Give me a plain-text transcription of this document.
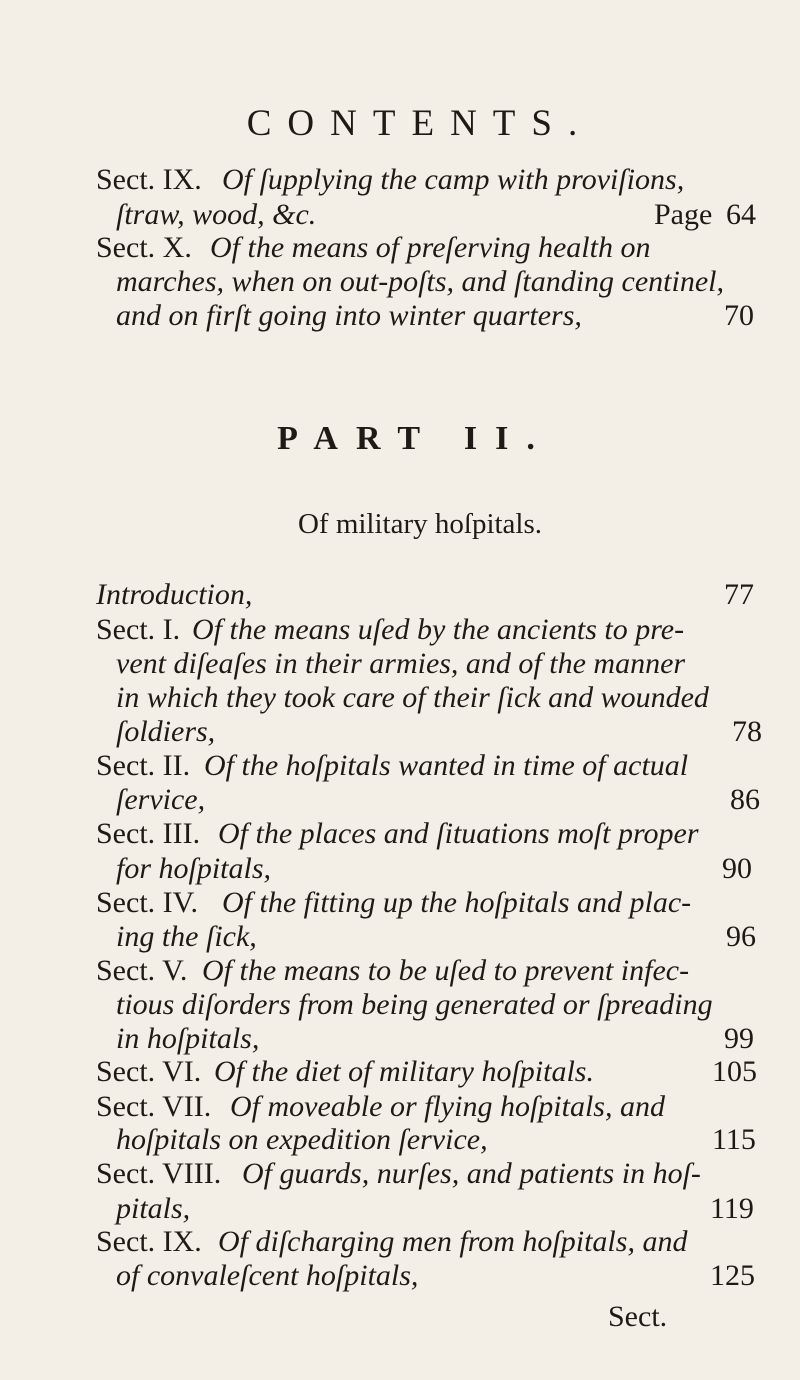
CONTENTS.
Sect. IX. Of ſupplying the camp with proviſions,
ſtraw, wood, &c.	Page 64
Sect. X. Of the means of preſerving health on
marches, when on out-poſts, and ſtanding centinel,
and on firſt going into winter quarters,	70
PART II.
Of military hoſpitals.
Introduction,	77
Sect. I. Of the means uſed by the ancients to pre-
vent diſeaſes in their armies, and of the manner
in which they took care of their ſick and wounded
ſoldiers,	78
Sect. II. Of the hoſpitals wanted in time of actual
ſervice,	86
Sect. III. Of the places and ſituations moſt proper
for hoſpitals,	90
Sect. IV. Of the fitting up the hoſpitals and plac-
ing the ſick,	96
Sect. V. Of the means to be uſed to prevent infec-
tious diſorders from being generated or ſpreading
in hoſpitals,	99
Sect. VI. Of the diet of military hoſpitals.	105
Sect. VII. Of moveable or flying hoſpitals, and
hoſpitals on expedition ſervice,	115
Sect. VIII. Of guards, nurſes, and patients in hoſ-
pitals,	119
Sect. IX. Of diſcharging men from hoſpitals, and
of convaleſcent hoſpitals,	125
Sect.
